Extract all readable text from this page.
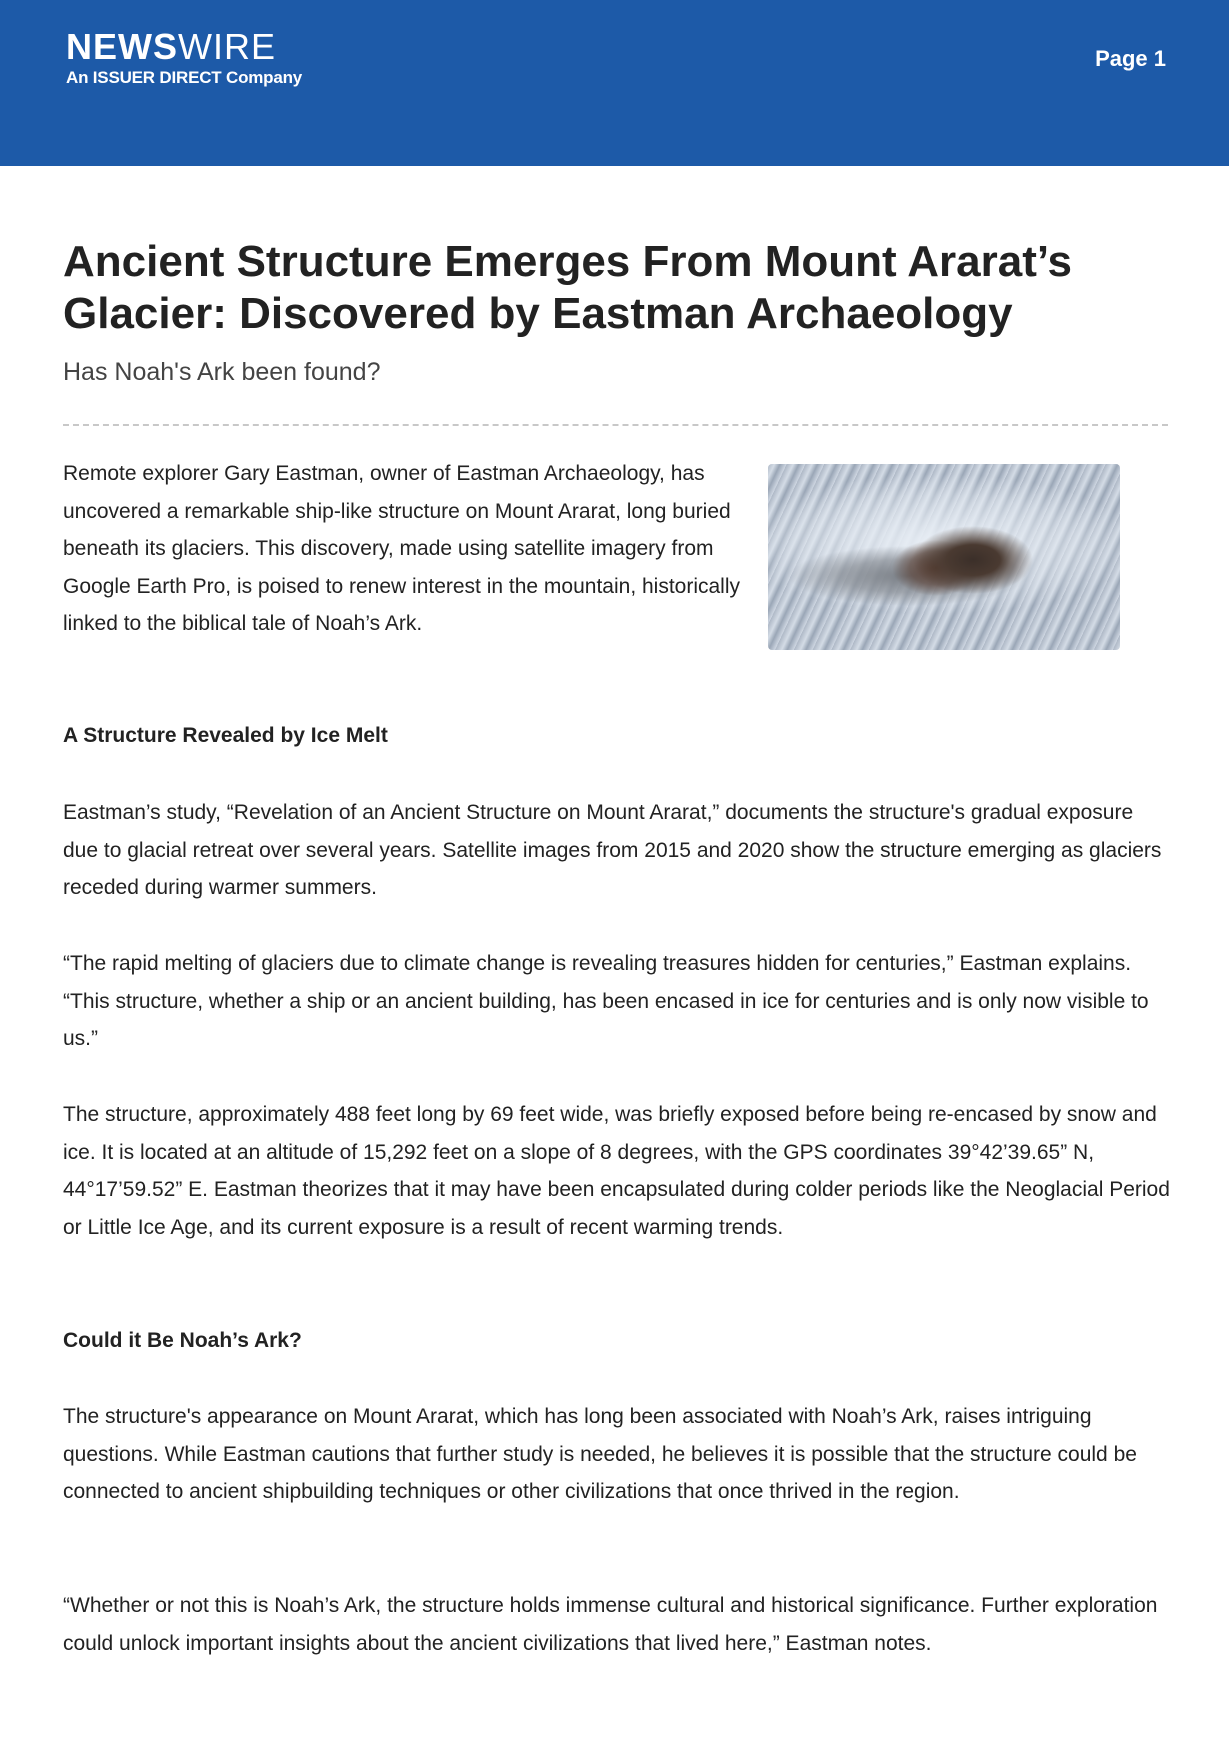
NEWSWIRE
An ISSUER DIRECT Company
Page 1
Ancient Structure Emerges From Mount Ararat’s Glacier: Discovered by Eastman Archaeology
Has Noah's Ark been found?

Remote explorer Gary Eastman, owner of Eastman Archaeology, has uncovered a remarkable ship-like structure on Mount Ararat, long buried beneath its glaciers. This discovery, made using satellite imagery from Google Earth Pro, is poised to renew interest in the mountain, historically linked to the biblical tale of Noah’s Ark.

A Structure Revealed by Ice Melt

Eastman’s study, “Revelation of an Ancient Structure on Mount Ararat,” documents the structure's gradual exposure due to glacial retreat over several years. Satellite images from 2015 and 2020 show the structure emerging as glaciers receded during warmer summers.

“The rapid melting of glaciers due to climate change is revealing treasures hidden for centuries,” Eastman explains. “This structure, whether a ship or an ancient building, has been encased in ice for centuries and is only now visible to us.”

The structure, approximately 488 feet long by 69 feet wide, was briefly exposed before being re-encased by snow and ice. It is located at an altitude of 15,292 feet on a slope of 8 degrees, with the GPS coordinates 39°42’39.65” N, 44°17’59.52” E. Eastman theorizes that it may have been encapsulated during colder periods like the Neoglacial Period or Little Ice Age, and its current exposure is a result of recent warming trends.

Could it Be Noah’s Ark?

The structure's appearance on Mount Ararat, which has long been associated with Noah’s Ark, raises intriguing questions. While Eastman cautions that further study is needed, he believes it is possible that the structure could be connected to ancient shipbuilding techniques or other civilizations that once thrived in the region.

“Whether or not this is Noah’s Ark, the structure holds immense cultural and historical significance. Further exploration could unlock important insights about the ancient civilizations that lived here,” Eastman notes.
